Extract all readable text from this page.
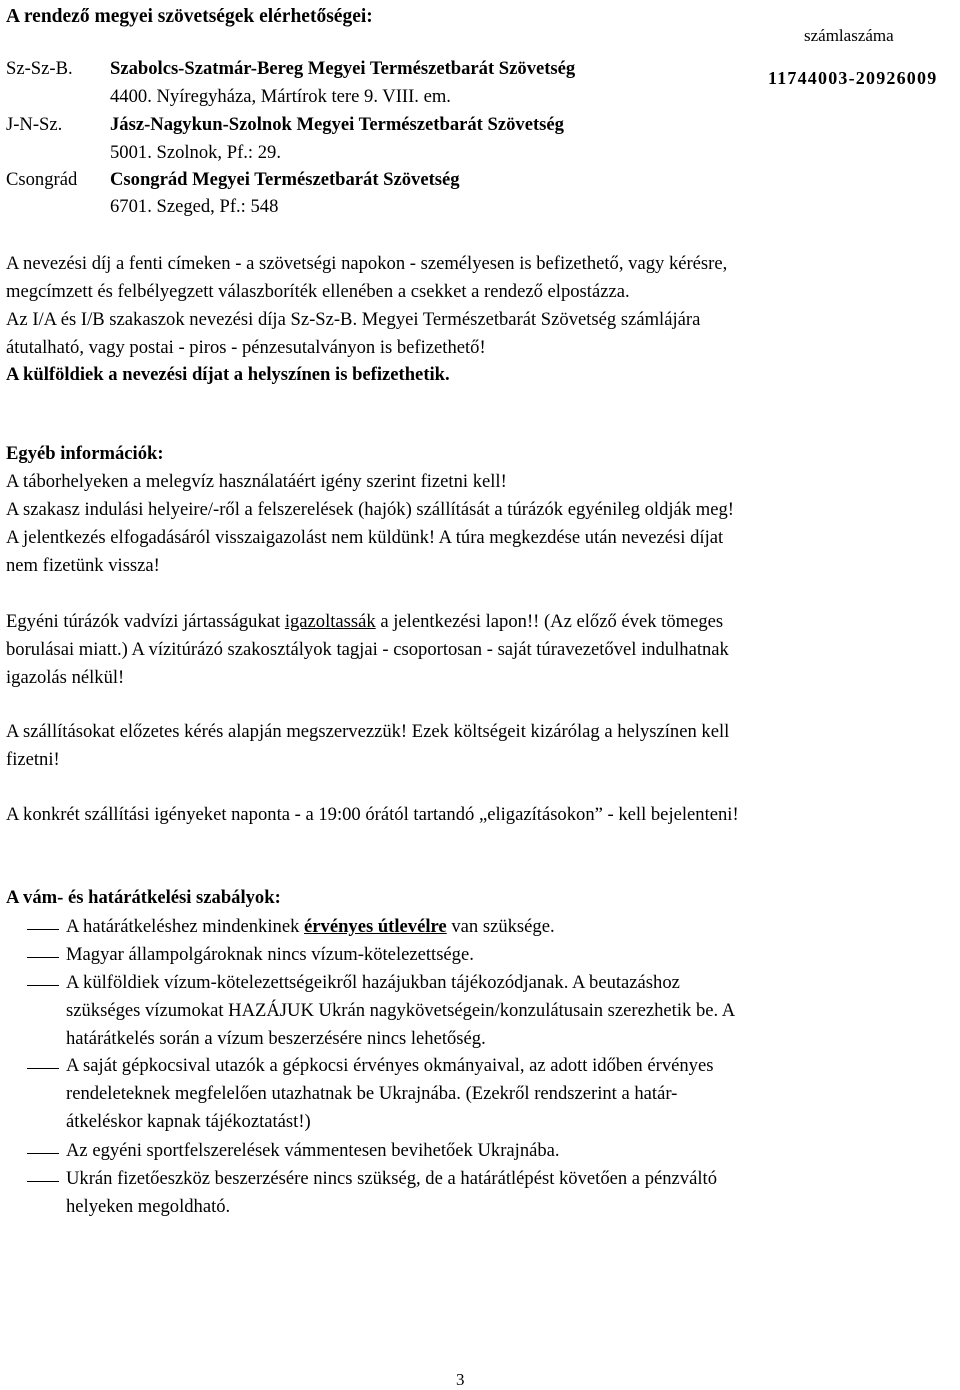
A rendező megyei szövetségek elérhetőségei:
Sz-Sz-B. Szabolcs-Szatmár-Bereg Megyei Természetbarát Szövetség
4400. Nyíregyháza, Mártírok tere 9. VIII. em.
J-N-Sz.	Jász-Nagykun-Szolnok Megyei Természetbarát Szövetség
5001. Szolnok, Pf.: 29.
Csongrád Csongrád Megyei Természetbarát Szövetség
6701. Szeged, Pf.: 548
számlaszáma
11744003-20926009
A nevezési díj a fenti címeken - a szövetségi napokon - személyesen is befizethető, vagy kérésre,
megcímzett és felbélyegzett válaszboríték ellenében a csekket a rendező elpostázza.
Az I/A és I/B szakaszok nevezési díja Sz-Sz-B. Megyei Természetbarát Szövetség számlájára
átutalható, vagy postai - piros - pénzesutalványon is befizethető!
A külföldiek a nevezési díjat a helyszínen is befizethetik.
Egyéb információk:
A táborhelyeken a melegvíz használatáért igény szerint fizetni kell!
A szakasz indulási helyeire/-ről a felszerelések (hajók) szállítását a túrázók egyénileg oldják meg!
A jelentkezés elfogadásáról visszaigazolást nem küldünk! A túra megkezdése után nevezési díjat
nem fizetünk vissza!
Egyéni túrázók vadvízi jártasságukat igazoltassák a jelentkezési lapon!! (Az előző évek tömeges
borulásai miatt.) A vízitúrázó szakosztályok tagjai - csoportosan - saját túravezetővel indulhatnak
igazolás nélkül!
A szállításokat előzetes kérés alapján megszervezzük! Ezek költségeit kizárólag a helyszínen kell
fizetni!
A konkrét szállítási igényeket naponta - a 19:00 órától tartandó „eligazításokon” - kell bejelenteni!
A vám- és határátkelési szabályok:
A határátkeléshez mindenkinek érvényes útlevélre van szüksége.
Magyar állampolgároknak nincs vízum-kötelezettsége.
A külföldiek vízum-kötelezettségeikről hazájukban tájékozódjanak. A beutazáshoz
szükséges vízumokat HAZÁJUK Ukrán nagykövetségein/konzulátusain szerezhetik be. A
határátkelés során a vízum beszerzésére nincs lehetőség.
A saját gépkocsival utazók a gépkocsi érvényes okmányaival, az adott időben érvényes
rendeleteknek megfelelően utazhatnak be Ukrajnába. (Ezekről rendszerint a határ-
átkeléskor kapnak tájékoztatást!)
Az egyéni sportfelszerelések vámmentesen bevihetőek Ukrajnába.
Ukrán fizetőeszköz beszerzésére nincs szükség, de a határátlépést követően a pénzváltó
helyeken megoldható.
3
